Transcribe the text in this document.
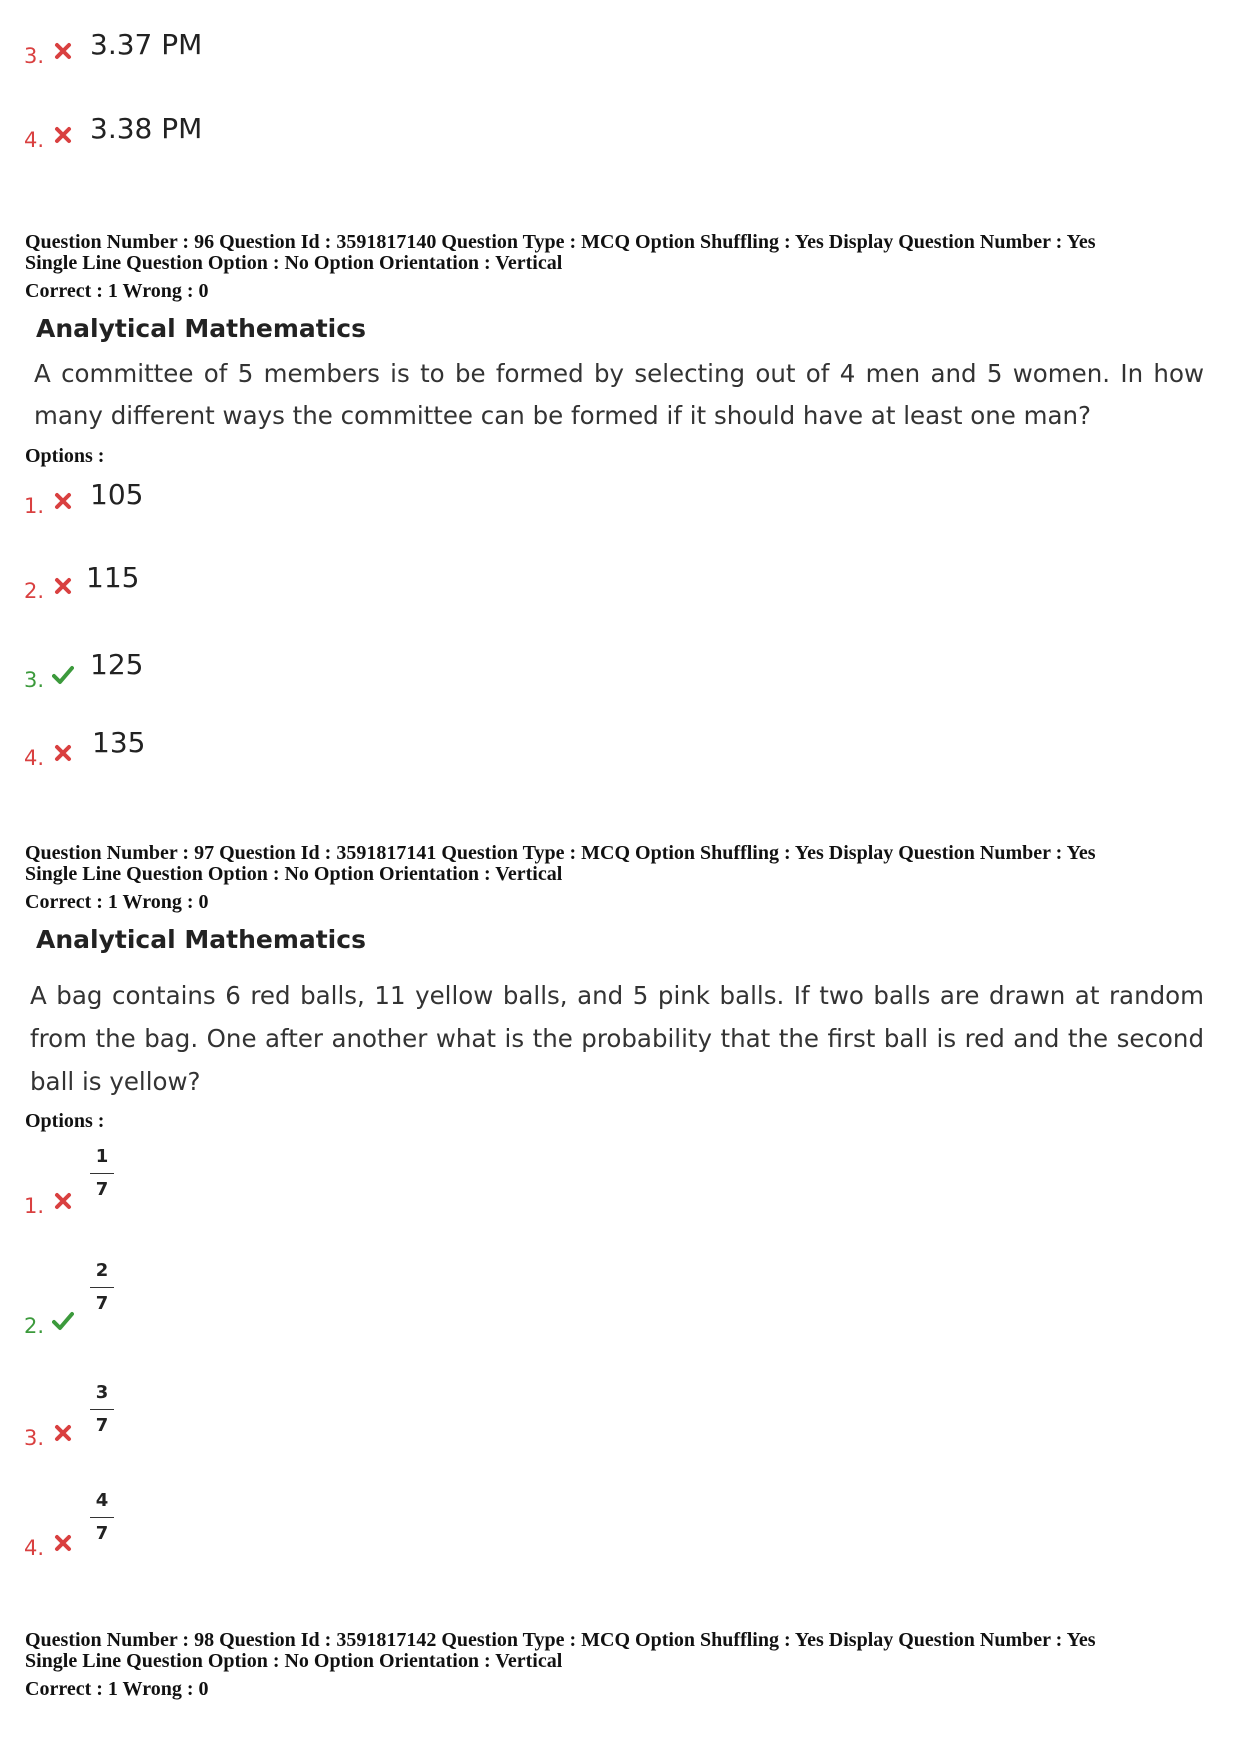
3. 3.37 PM
4. 3.38 PM
Question Number : 96 Question Id : 3591817140 Question Type : MCQ Option Shuffling : Yes Display Question Number : Yes
Single Line Question Option : No Option Orientation : Vertical
Correct : 1 Wrong : 0
Analytical Mathematics
A committee of 5 members is to be formed by selecting out of 4 men and 5 women. In how many different ways the committee can be formed if it should have at least one man?
Options :
1. 105
2. 115
3. 125
4. 135
Question Number : 97 Question Id : 3591817141 Question Type : MCQ Option Shuffling : Yes Display Question Number : Yes
Single Line Question Option : No Option Orientation : Vertical
Correct : 1 Wrong : 0
Analytical Mathematics
A bag contains 6 red balls, 11 yellow balls, and 5 pink balls. If two balls are drawn at random from the bag. One after another what is the probability that the first ball is red and the second ball is yellow?
Options :
1.
1
7
2.
2
7
3.
3
7
4.
4
7
Question Number : 98 Question Id : 3591817142 Question Type : MCQ Option Shuffling : Yes Display Question Number : Yes
Single Line Question Option : No Option Orientation : Vertical
Correct : 1 Wrong : 0
